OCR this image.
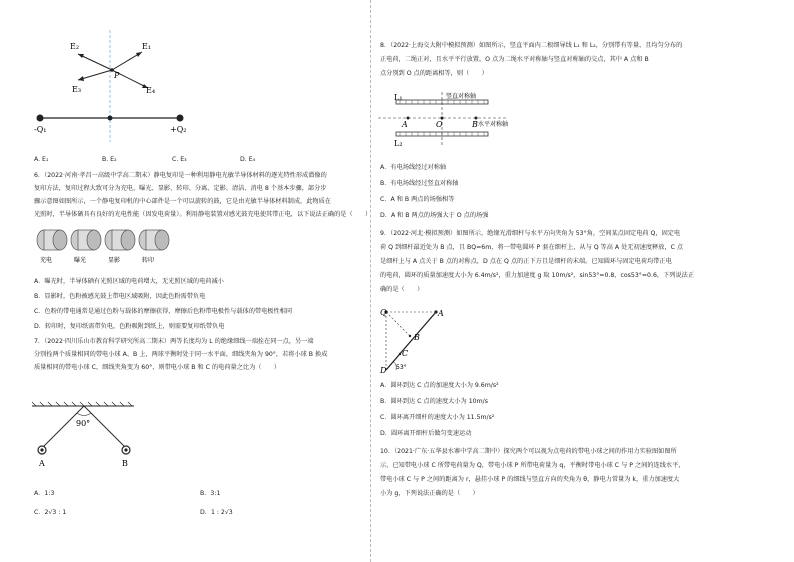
E₂	E₁
P
E₃	E₄
-Q₁	+Q₂
A. E₁	B. E₂	C. E₃	D. E₄
6．（2022·河南·孝昌一高级中学高二期末）静电复印是一种利用静电光敏半导体材料的逐光特性形成潜像的
复印方法，复印过程大致可分为充电、曝光、显影、转印、分离、定影、清洁、消电 8 个基本步骤，部分步
骤示意图如图所示，一个静电复印机的中心部件是一个可以旋转的鼓，它是由光敏半导体材料制成，此物质在
光照时，半导体硒具有良好的光电性能（因发电荷量）。利用静电装置对感光鼓充电使其带正电，以下说法正确的是（　　）
充电	曝光	显影	转印
A．曝光时，半导体硒有光照区域的电荷增大，无光照区域的电荷减小
B．显影时，色粉被感光鼓上带电区域吸附，因此色粉需带负电
C．色粉的带电通常是通过色粉与载体的摩擦获得，摩擦后色粉带电极性与载体的带电极性相同
D．转印时，复印纸需带负电，色粉吸附到纸上，则需要复印纸带负电
7．（2022·四川乐山市教育科学研究所高二期末）两等长度均为 L 的绝缘细线一端拴在同一点，另一端
分别拴两个质量相同的带电小球 A、B 上，两球平衡时处于同一水平面，细线夹角为 90°，若将小球 B 换成
质量相同的带电小球 C，细线夹角变为 60°，则带电小球 B 和 C 的电荷量之比为（　　）
90°
A	B
A．1:3	B．3:1
C．2√3 : 1	D．1 : 2√3
8．（2022·上海交大附中模拟预测）如图所示，竖直平面内二根细导线 L₁ 和 L₂，分别带有等量、且均匀分布的
正电荷，二绳正对，且水平平行放置。O 点为二绳水平对称轴与竖直对称轴的交点，其中 A 点和 B
点分别到 O 点的距离相等，则（　　）
L₁
L₂
竖直对称轴
水平对称轴
A	O	B
A．有电场线经过对称轴
B．有电场线经过竖直对称轴
C．A 和 B 两点的场强相等
D．A 和 B 两点的场强大于 O 点的场强
9．（2022·河北·模拟预测）如图所示，绝缘光滑细杆与水平方向夹角为 53°角，空间某点固定电荷 Q，固定电
荷 Q 到细杆最近处为 B 点，且 BQ=6m，将一带电圆环 P 套在细杆上，从与 Q 等高 A 处无初速度释放，C 点
是细杆上与 A 点关于 B 点的对称点，D 点在 Q 点的正下方且是细杆的末端。已知圆环与固定电荷均带正电
的电荷，圆环的质量加速度大小为 6.4m/s²，重力加速度 g 取 10m/s²，sin53°=0.8，cos53°=0.6，下列说法正
确的是（　　）
Q	A
B
C
D 53°
A．圆环到达 C 点的加速度大小为 9.6m/s²
B．圆环到达 C 点的速度大小为 10m/s
C．圆环离开细杆的速度大小为 11.5m/s²
D．圆环离开细杆后做匀变速运动
10．（2021·广东·五华县水寨中学高二期中）探究两个可以视为点电荷的带电小球之间的作用力实验图如图所
示，已知带电小球 C 所带电荷量为 Q，带电小球 P 所带电荷量为 q，平衡时带电小球 C 与 P 之间的连线水平，
带电小球 C 与 P 之间的距离为 r，悬挂小球 P 的细线与竖直方向的夹角为 θ，静电力常量为 k，重力加速度大
小为 g，下列说法正确的是（　　）
